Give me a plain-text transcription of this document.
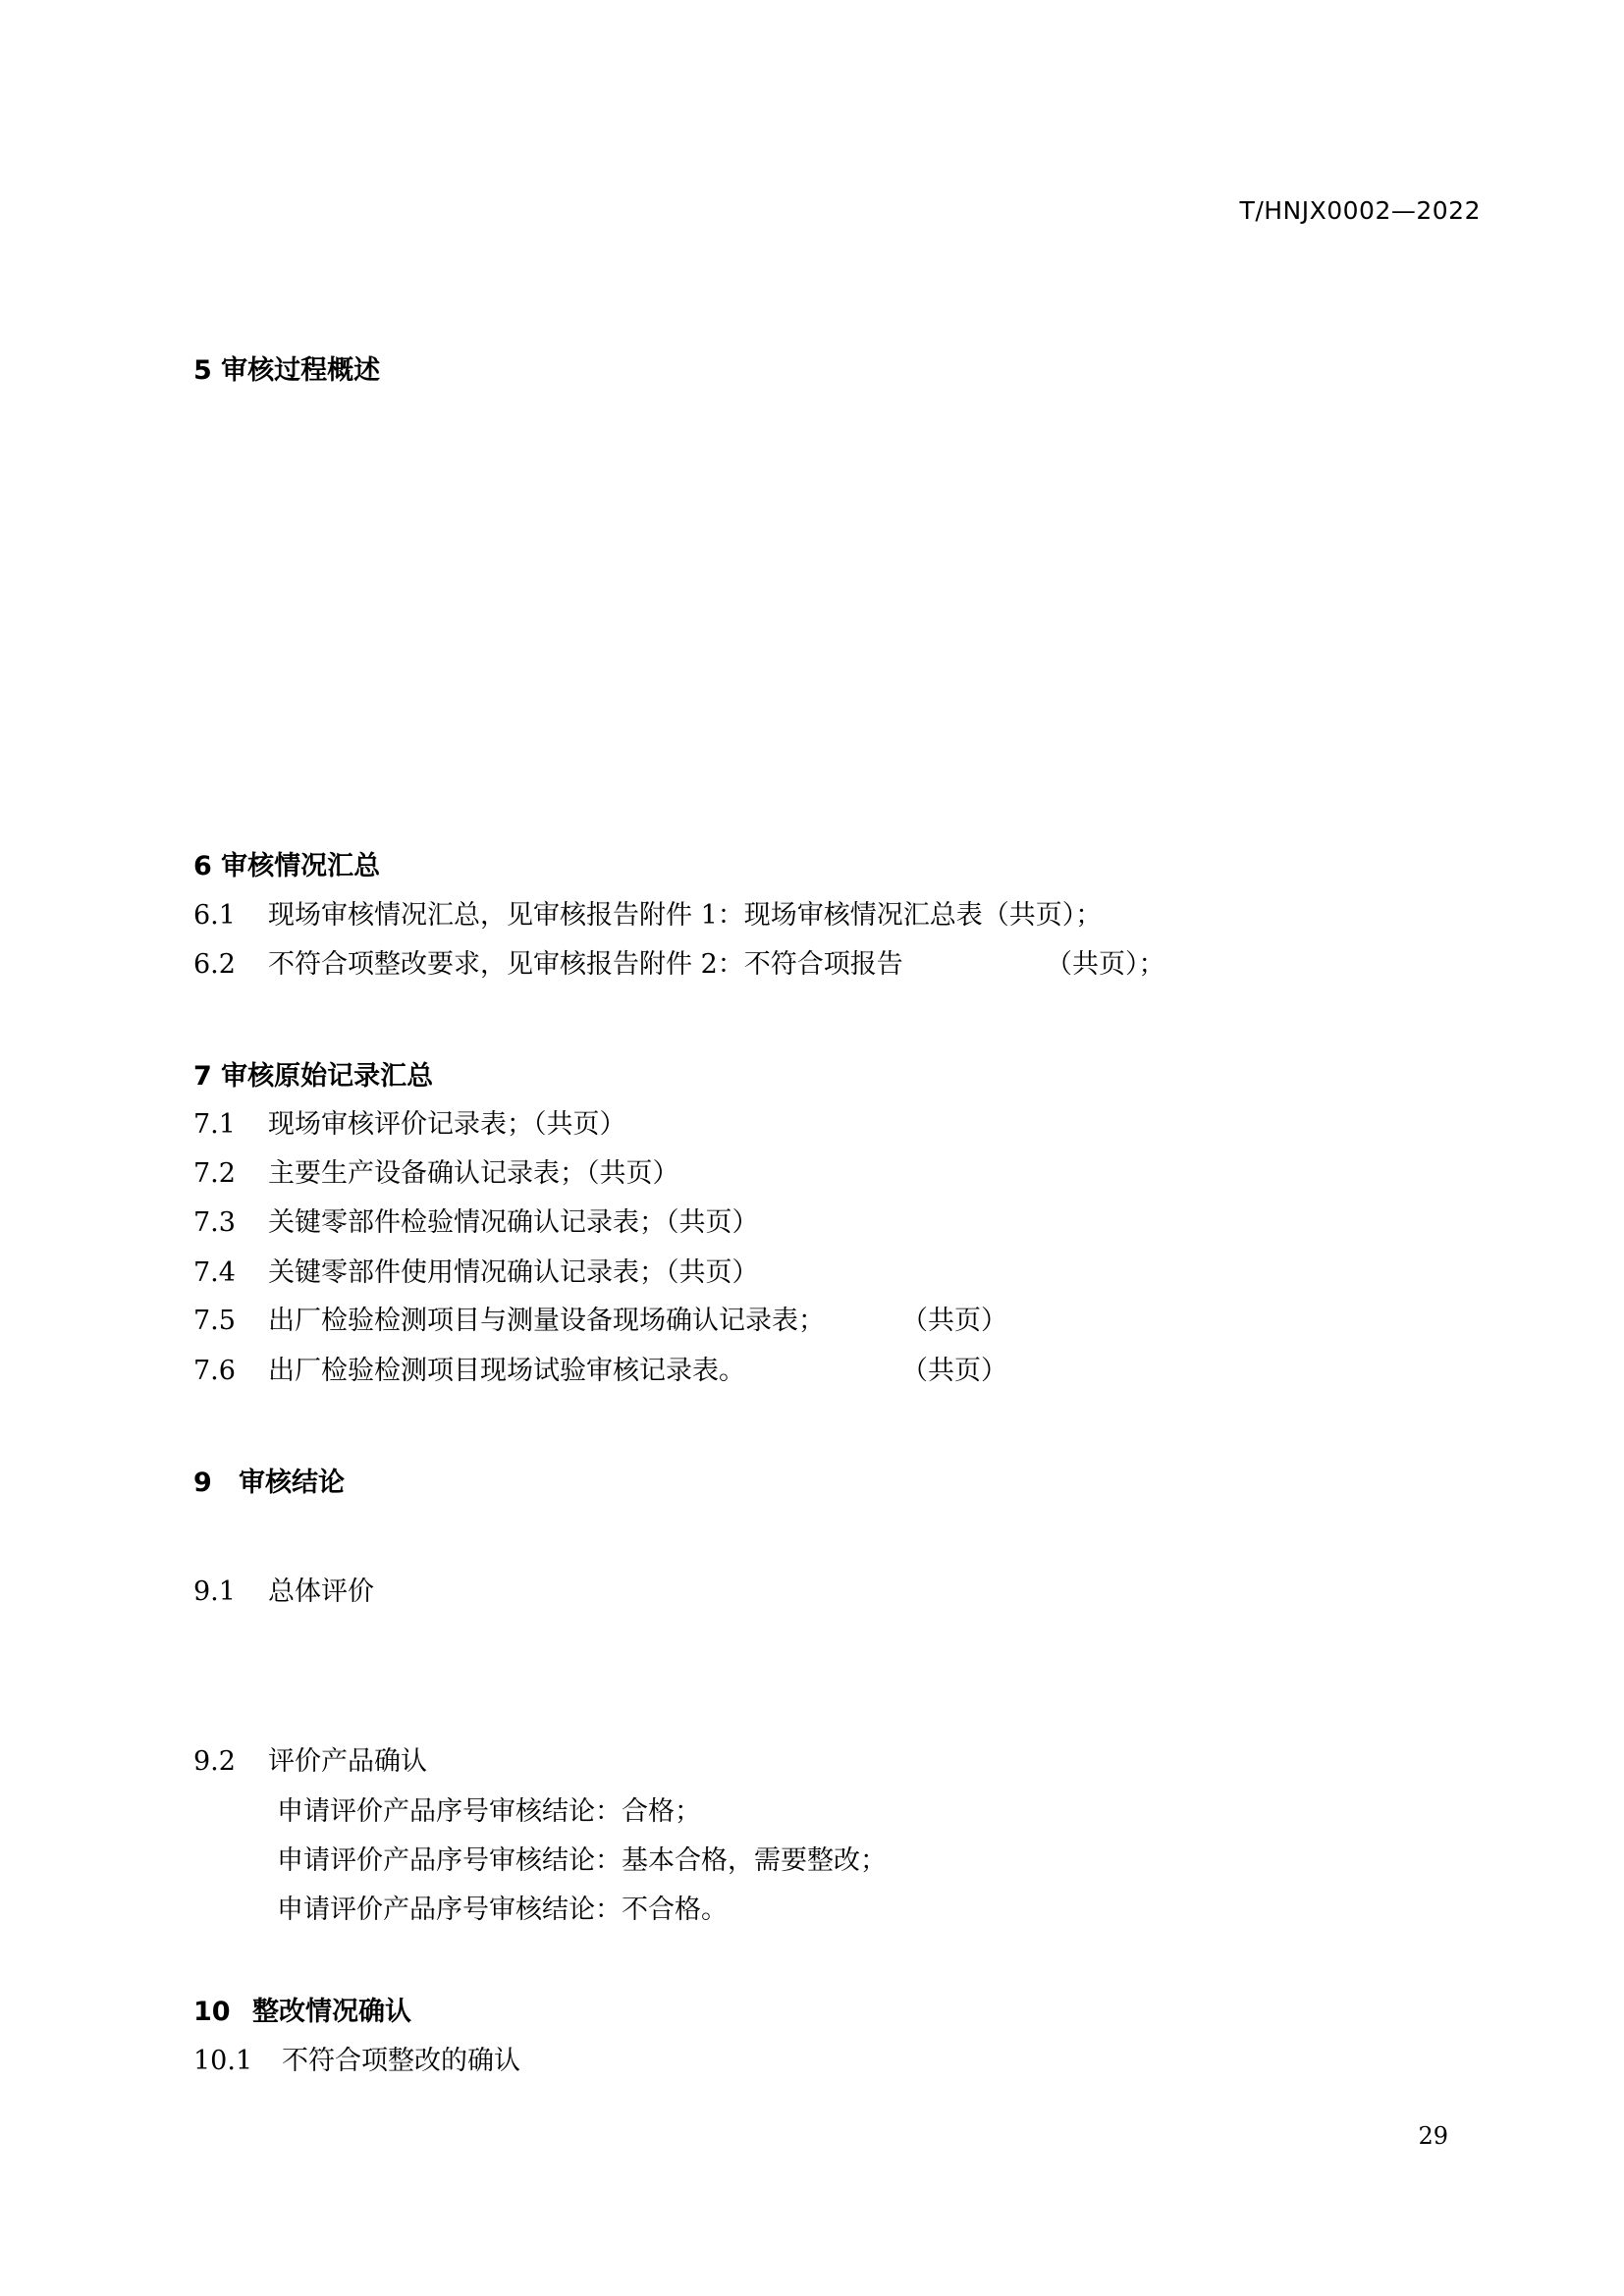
T/HNJX0002—2022
5 审核过程概述
6 审核情况汇总
6.1 现场审核情况汇总，见审核报告附件 1：现场审核情况汇总表（共页）；
6.2 不符合项整改要求，见审核报告附件 2：不符合项报告	（共页）；
7 审核原始记录汇总
7.1 现场审核评价记录表；（共页）
7.2 主要生产设备确认记录表；（共页）
7.3 关键零部件检验情况确认记录表；（共页）
7.4 关键零部件使用情况确认记录表；（共页）
7.5 出厂检验检测项目与测量设备现场确认记录表；	（共页）
7.6 出厂检验检测项目现场试验审核记录表。	（共页）
9 审核结论
9.1 总体评价
9.2 评价产品确认
申请评价产品序号审核结论：合格；
申请评价产品序号审核结论：基本合格，需要整改；
申请评价产品序号审核结论：不合格。
10 整改情况确认
10.1 不符合项整改的确认
29
